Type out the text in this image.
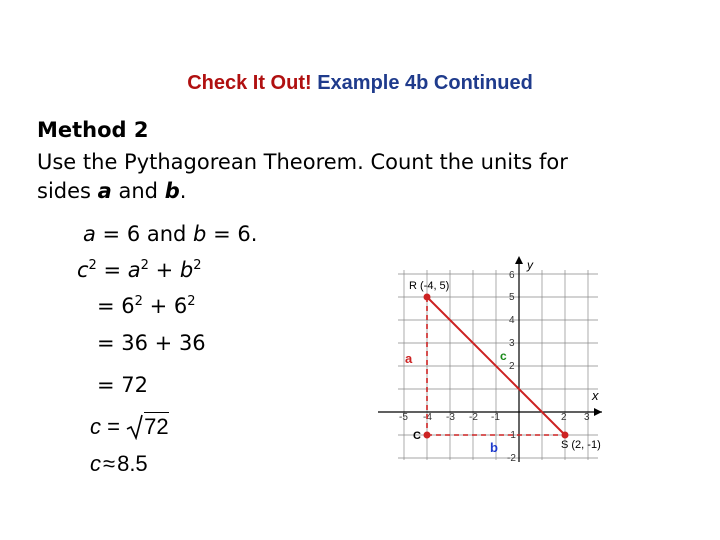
Check It Out! Example 4b Continued
Method 2
Use the Pythagorean Theorem. Count the units for
sides a and b.
a = 6 and b = 6.
$c^2 = a^2 + b^2$
= $6^2 + 6^2$
= 36 + 36
= 72
c = 72
c≈8.5
x
y
-5 -4 -3 -2 -1	2 3
6
5
4
3
2
-1
-2
R (-4, 5)
S (2, -1)
C
a
b
c
